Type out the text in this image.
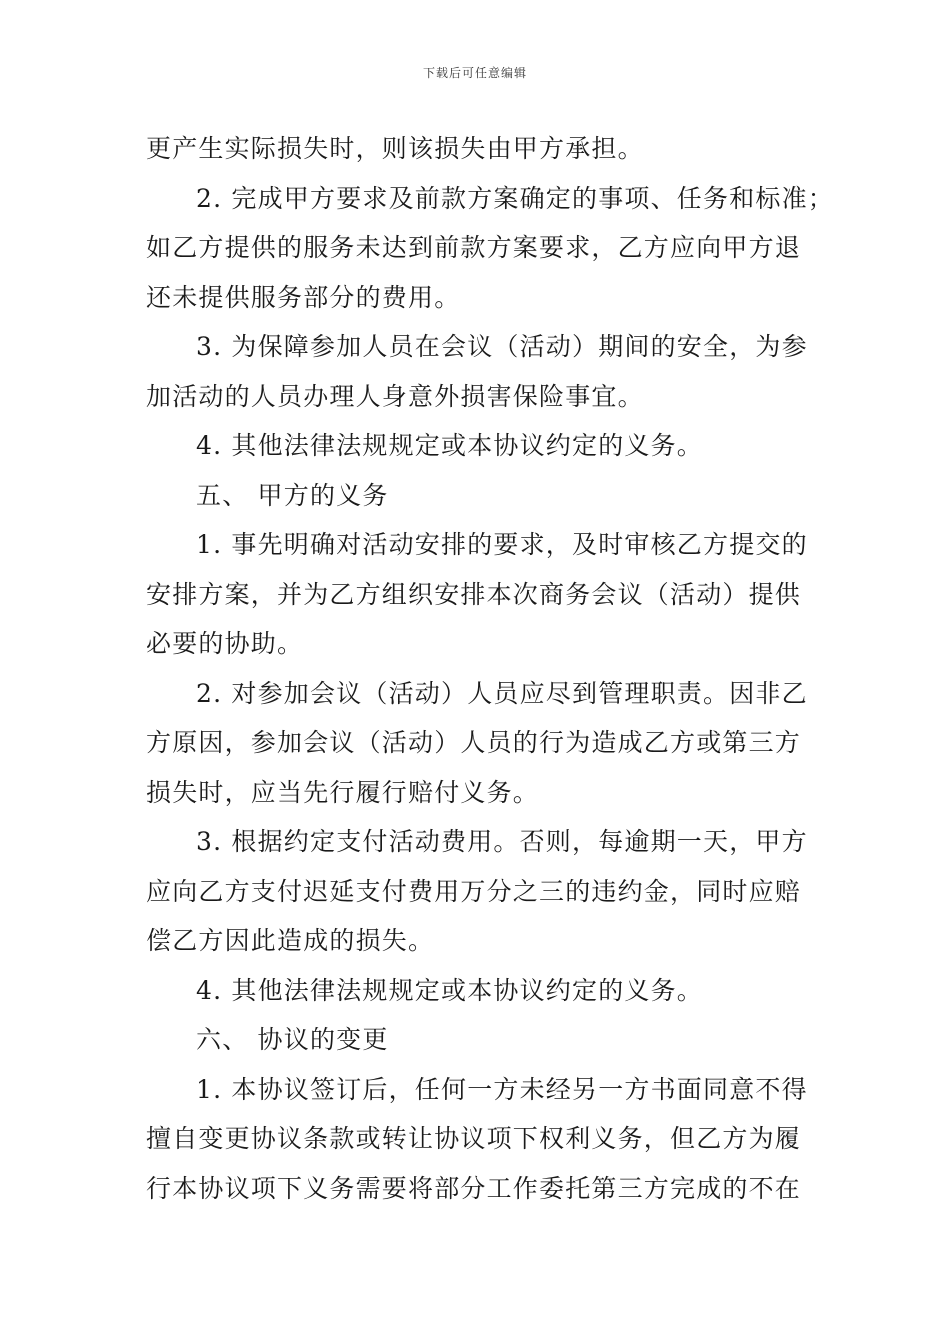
下载后可任意编辑
更产生实际损失时，则该损失由甲方承担。
2. 完成甲方要求及前款方案确定的事项、任务和标准；
如乙方提供的服务未达到前款方案要求，乙方应向甲方退
还未提供服务部分的费用。
3. 为保障参加人员在会议（活动）期间的安全，为参
加活动的人员办理人身意外损害保险事宜。
4. 其他法律法规规定或本协议约定的义务。
五、 甲方的义务
1. 事先明确对活动安排的要求，及时审核乙方提交的
安排方案，并为乙方组织安排本次商务会议（活动）提供
必要的协助。
2. 对参加会议（活动）人员应尽到管理职责。因非乙
方原因，参加会议（活动）人员的行为造成乙方或第三方
损失时，应当先行履行赔付义务。
3. 根据约定支付活动费用。否则，每逾期一天，甲方
应向乙方支付迟延支付费用万分之三的违约金，同时应赔
偿乙方因此造成的损失。
4. 其他法律法规规定或本协议约定的义务。
六、 协议的变更
1. 本协议签订后，任何一方未经另一方书面同意不得
擅自变更协议条款或转让协议项下权利义务，但乙方为履
行本协议项下义务需要将部分工作委托第三方完成的不在
